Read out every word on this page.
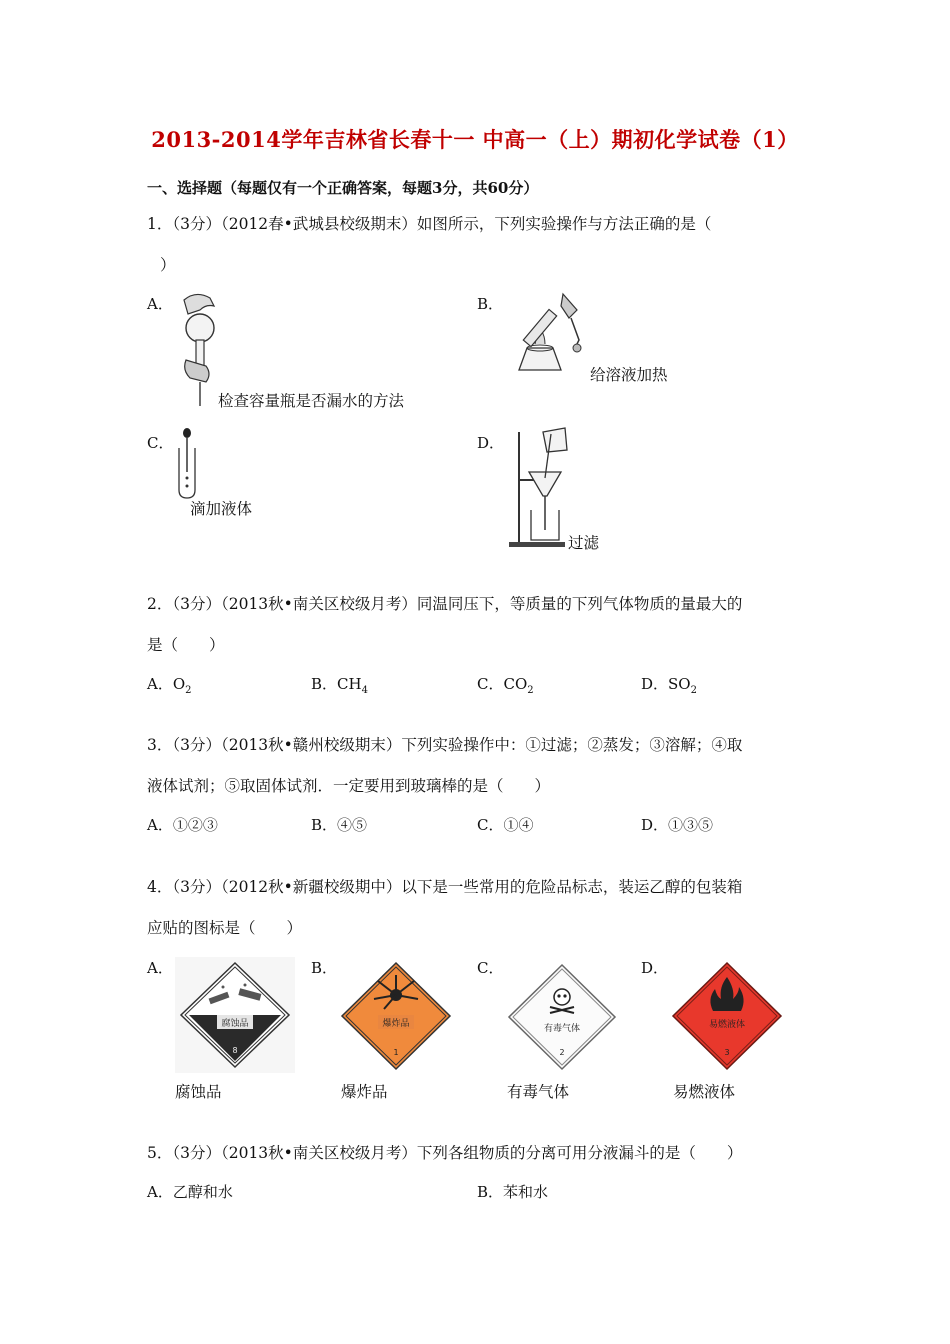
2013-2014学年吉林省长春十一 中高一（上）期初化学试卷（1）
一、选择题（每题仅有一个正确答案，每题3分，共60分）
1．（3分）（2012春•武城县校级期末）如图所示，下列实验操作与方法正确的是（
）
A．
检查容量瓶是否漏水的方法
B．
给溶液加热
C．
滴加液体
D．
过滤
2．（3分）（2013秋•南关区校级月考）同温同压下，等质量的下列气体物质的量最大的
是（　　）
A．$O_2$	B．$CH_4$	C．$CO_2$	D．$SO_2$
3．（3分）（2013秋•赣州校级期末）下列实验操作中：①过滤；②蒸发；③溶解；④取
液体试剂；⑤取固体试剂．一定要用到玻璃棒的是（　　）
A．①②③	B．④⑤	C．①④	D．①③⑤
4．（3分）（2012秋•新疆校级期中）以下是一些常用的危险品标志，装运乙醇的包装箱
应贴的图标是（　　）
A．
腐蚀品
8
腐蚀品
B．
爆炸品
1
爆炸品
C．
有毒气体
2
有毒气体
D．
易燃液体
3
易燃液体
5．（3分）（2013秋•南关区校级月考）下列各组物质的分离可用分液漏斗的是（　　）
A．乙醇和水	B．苯和水
